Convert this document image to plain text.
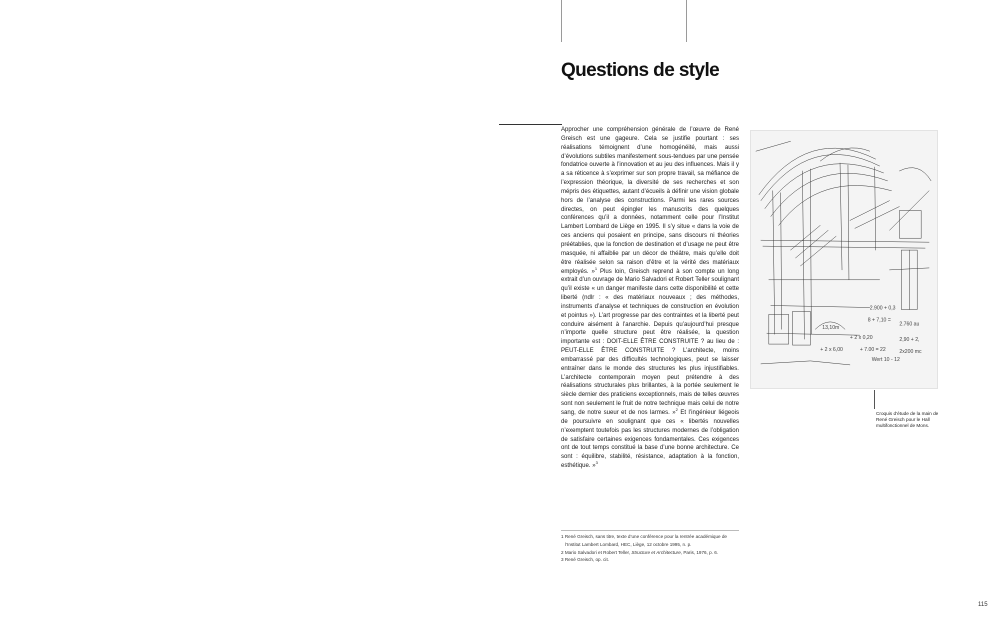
Questions de style

Approcher une compréhension générale de l’œuvre de René Greisch est une gageure. Cela se justifie pourtant : ses réalisations témoignent d’une homogénéité, mais aussi d’évolutions subtiles manifestement sous-tendues par une pensée fondatrice ouverte à l’innovation et au jeu des influences. Mais il y a sa réticence à s’exprimer sur son propre travail, sa méfiance de l’expression théorique, la diversité de ses recherches et son mépris des étiquettes, autant d’écueils à définir une vision globale hors de l’analyse des constructions. Parmi les rares sources directes, on peut épingler les manuscrits des quelques conférences qu’il a données, notamment celle pour l’Institut Lambert Lombard de Liège en 1995. Il s’y situe « dans la voie de ces anciens qui posaient en principe, sans discours ni théories préétablies, que la fonction de destination et d’usage ne peut être masquée, ni affaiblie par un décor de théâtre, mais qu’elle doit être réalisée selon sa raison d’être et la vérité des matériaux employés. »$^1$ Plus loin, Greisch reprend à son compte un long extrait d’un ouvrage de Mario Salvadori et Robert Teller soulignant qu’il existe « un danger manifeste dans cette disponibilité et cette liberté (ndlr : « des matériaux nouveaux ; des méthodes, instruments d’analyse et techniques de construction en évolution et pointus »). L’art progresse par des contraintes et la liberté peut conduire aisément à l’anarchie. Depuis qu’aujourd’hui presque n’importe quelle structure peut être réalisée, la question importante est : DOIT-ELLE ÊTRE CONSTRUITE ? au lieu de : PEUT-ELLE ÊTRE CONSTRUITE ? L’architecte, moins embarrassé par des difficultés technologiques, peut se laisser entraîner dans le monde des structures les plus injustifiables. L’architecte contemporain moyen peut prétendre à des réalisations structurales plus brillantes, à la portée seulement le siècle dernier des praticiens exceptionnels, mais de telles œuvres sont non seulement le fruit de notre technique mais celui de notre sang, de notre sueur et de nos larmes. »$^2$ Et l’ingénieur liégeois de poursuivre en soulignant que ces « libertés nouvelles n’exemptent toutefois pas les structures modernes de l’obligation de satisfaire certaines exigences fondamentales. Ces exigences ont de tout temps constitué la base d’une bonne architecture. Ce sont : équilibre, stabilité, résistance, adaptation à la fonction, esthétique. »$^3$

13,10m
8 + 7,10 =
+ 2 x 0,20
2.760 au
+ 2 x 6,00	+ 7.00 = 22
2,90 + 2,
2.900 + 0,3
2x200 mc
Wert 10 - 12

Croquis d’étude de la main de René Greisch pour le Hall multifonctionnel de Mons.

1 René Greisch, sans titre, texte d’une conférence pour la rentrée académique de l’Institut Lambert Lombard, HEC, Liège, 12 octobre 1995, n. p.

2 Mario Salvadori et Robert Teller, Structure et Architecture, Paris, 1976, p. 6.

3 René Greisch, op. cit.

115
